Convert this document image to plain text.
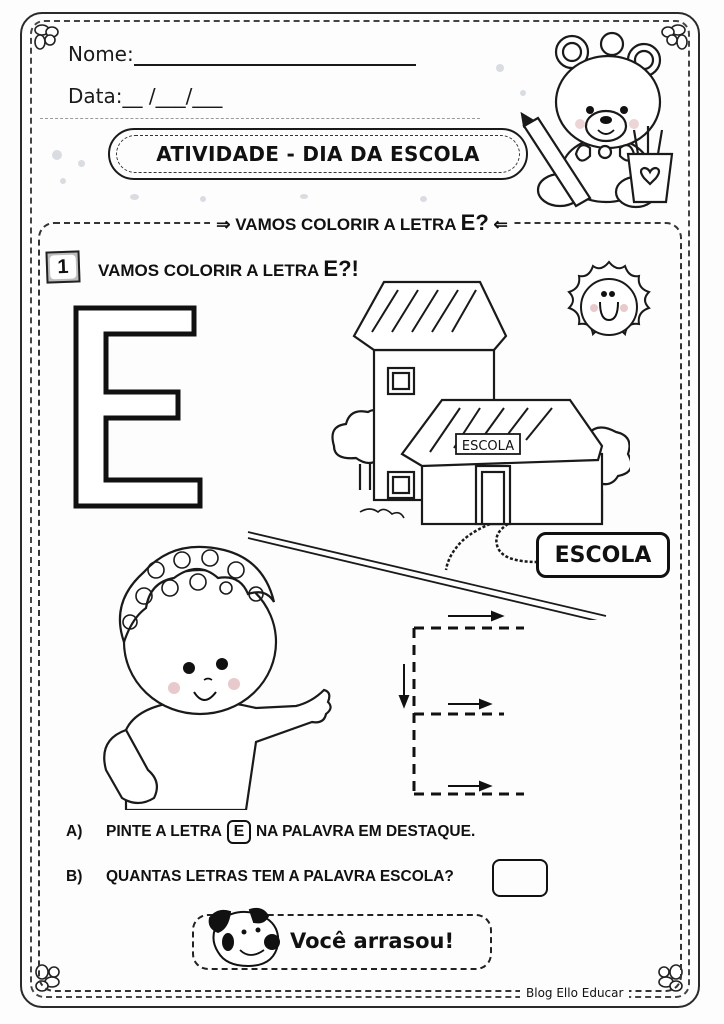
Nome:
Data:__ /___/___
ATIVIDADE - DIA DA ESCOLA
⇒ VAMOS COLORIR A LETRA E? ⇐
1	VAMOS COLORIR A LETRA E?!
ESCOLA
ESCOLA
A)	PINTE A LETRA E NA PALAVRA EM DESTAQUE.
B)	QUANTAS LETRAS TEM A PALAVRA ESCOLA?
Você arrasou!
Blog Ello Educar
